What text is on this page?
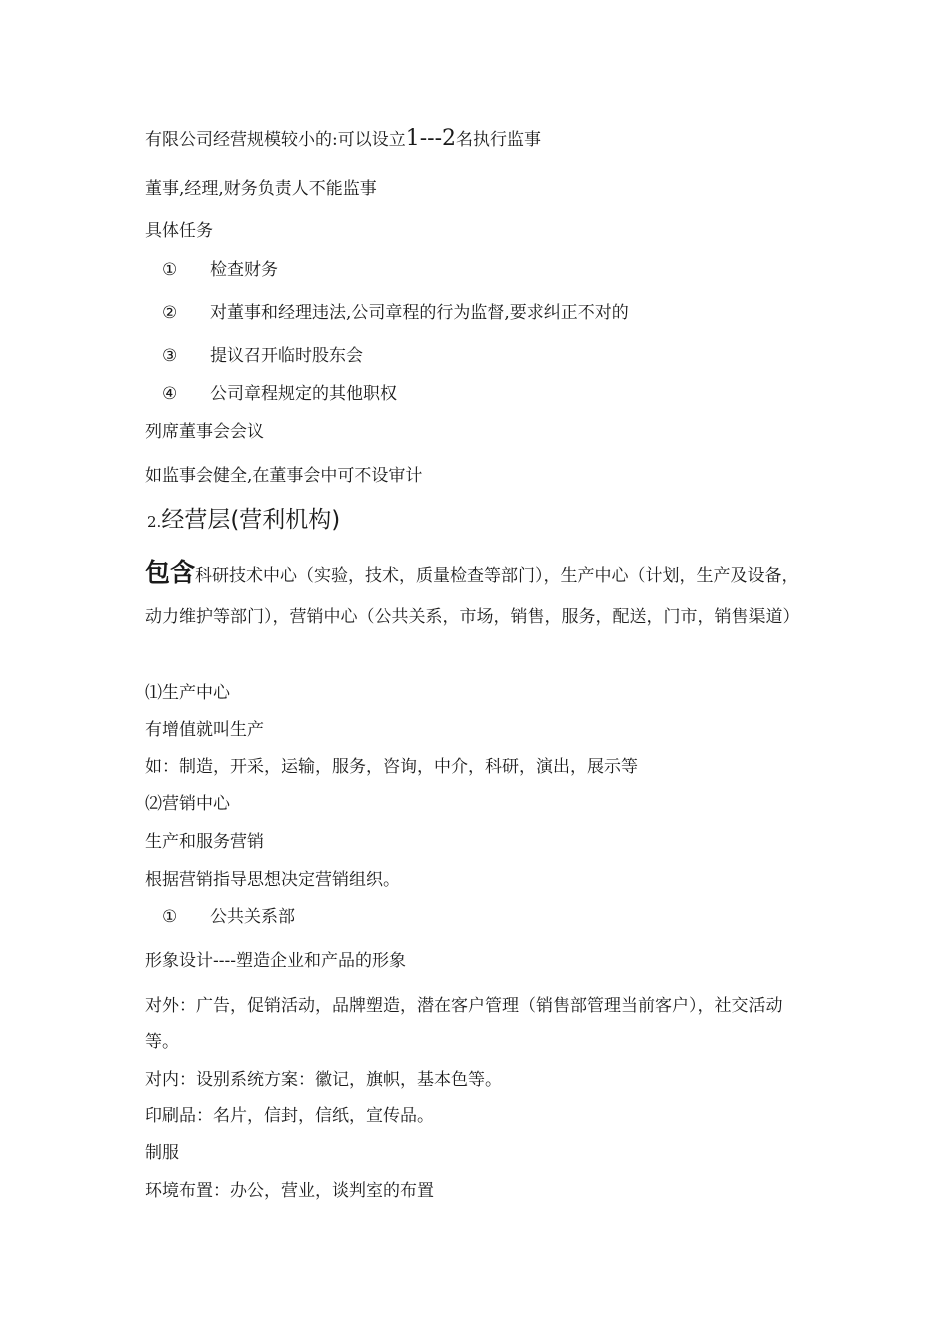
有限公司经营规模较小的:可以设立1---2名执行监事
董事,经理,财务负责人不能监事
具体任务
① 检查财务
② 对董事和经理违法,公司章程的行为监督,要求纠正不对的
③ 提议召开临时股东会
④ 公司章程规定的其他职权
列席董事会会议
如监事会健全,在董事会中可不设审计
2.经营层(营利机构)
包含科研技术中心（实验，技术，质量检查等部门），生产中心（计划，生产及设备，动力维护等部门），营销中心（公共关系，市场，销售，服务，配送，门市，销售渠道）
⑴生产中心
有增值就叫生产
如：制造，开采，运输，服务，咨询，中介，科研，演出，展示等
⑵营销中心
生产和服务营销
根据营销指导思想决定营销组织。
① 公共关系部
形象设计----塑造企业和产品的形象
对外：广告，促销活动，品牌塑造，潜在客户管理（销售部管理当前客户），社交活动等。
对内：设别系统方案：徽记，旗帜，基本色等。
印刷品：名片，信封，信纸，宣传品。
制服
环境布置：办公，营业，谈判室的布置
